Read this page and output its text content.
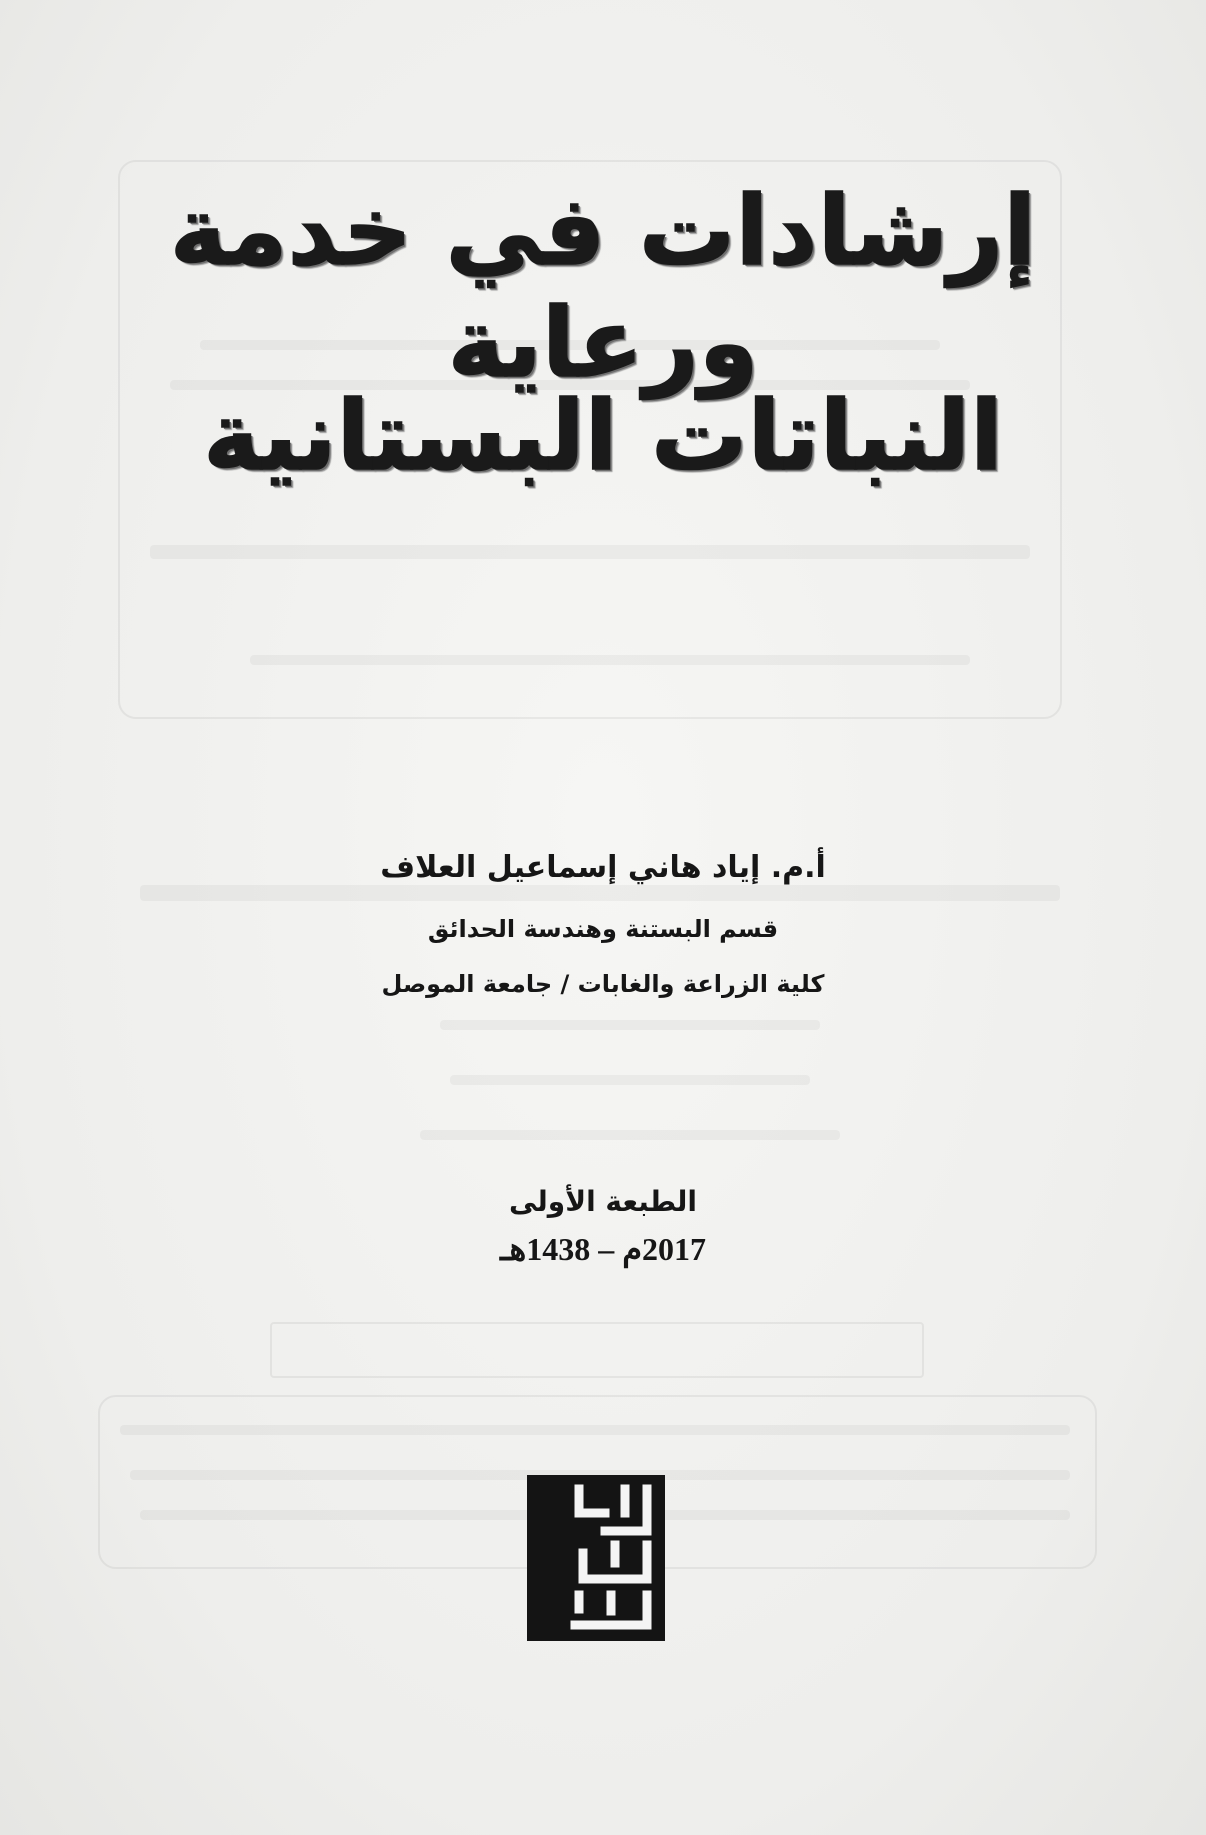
إرشادات في خدمة ورعاية
النباتات البستانية
أ.م. إياد هاني إسماعيل العلاف
قسم البستنة وهندسة الحدائق
كلية الزراعة والغابات / جامعة الموصل
الطبعة الأولى
2017م – 1438هـ
